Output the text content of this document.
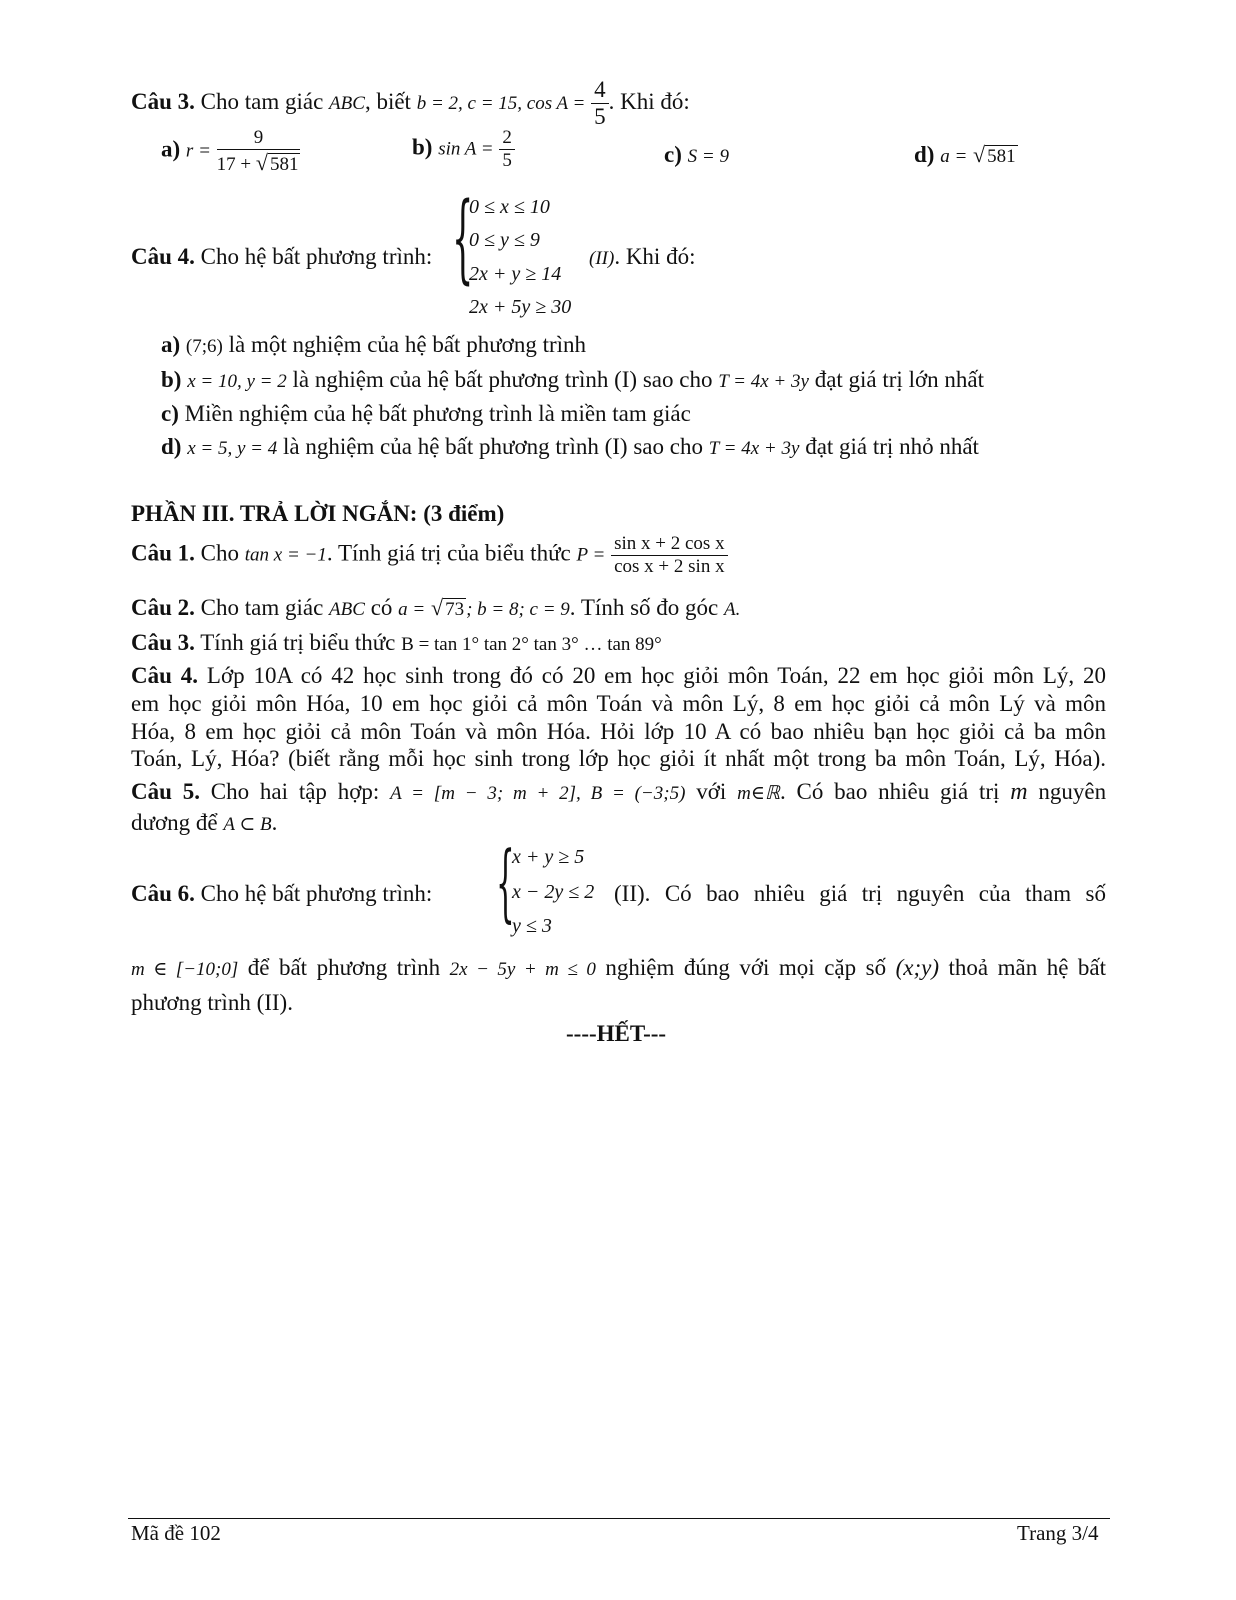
Câu 3. Cho tam giác ABC, biết b = 2, c = 15, $\cos A = \frac{4}{5}$ . Khi đó:
a) $r = \frac{9}{17 + √ 581}$	b) $\sin A = \frac{2}{5}$	c) S = 9	d) a = √ 581
Câu 4. Cho hệ bất phương trình: {
0 ≤ x ≤ 10
0 ≤ y ≤ 9
2x + y ≥ 14
2x + 5y ≥ 30
(II). Khi đó:
a) (7;6) là một nghiệm của hệ bất phương trình
b) x = 10, y = 2 là nghiệm của hệ bất phương trình (I) sao cho T = 4x + 3y đạt giá trị lớn nhất
c) Miền nghiệm của hệ bất phương trình là miền tam giác
d) x = 5, y = 4 là nghiệm của hệ bất phương trình (I) sao cho T = 4x + 3y đạt giá trị nhỏ nhất
PHẦN III. TRẢ LỜI NGẮN: (3 điểm)
Câu 1. Cho tan x = −1. Tính giá trị của biểu thức $P = \frac{\text{sin x + 2 cos x}}{\text{cos x + 2 sin x}}$
Câu 2. Cho tam giác ABC có a = √ 73 ; b = 8; c = 9. Tính số đo góc A.
Câu 3. Tính giá trị biểu thức B = tan 1° tan 2° tan 3° … tan 89°
Câu 4. Lớp 10A có 42 học sinh trong đó có 20 em học giỏi môn Toán, 22 em học giỏi môn Lý, 20
em học giỏi môn Hóa, 10 em học giỏi cả môn Toán và môn Lý, 8 em học giỏi cả môn Lý và môn
Hóa, 8 em học giỏi cả môn Toán và môn Hóa. Hỏi lớp 10 A có bao nhiêu bạn học giỏi cả ba môn
Toán, Lý, Hóa? (biết rằng mỗi học sinh trong lớp học giỏi ít nhất một trong ba môn Toán, Lý, Hóa).
Câu 5. Cho hai tập hợp: A = [m − 3; m + 2], B = (−3;5) với m∈ℝ. Có bao nhiêu giá trị m nguyên
dương để A ⊂ B.
Câu 6. Cho hệ bất phương trình: {
x + y ≥ 5
x − 2y ≤ 2
y ≤ 3
(II). Có bao nhiêu giá trị nguyên của tham số
m ∈ [−10;0] để bất phương trình 2x − 5y + m ≤ 0 nghiệm đúng với mọi cặp số (x;y) thoả mãn hệ bất
phương trình (II).
----HẾT---
Mã đề 102	Trang 3/4
